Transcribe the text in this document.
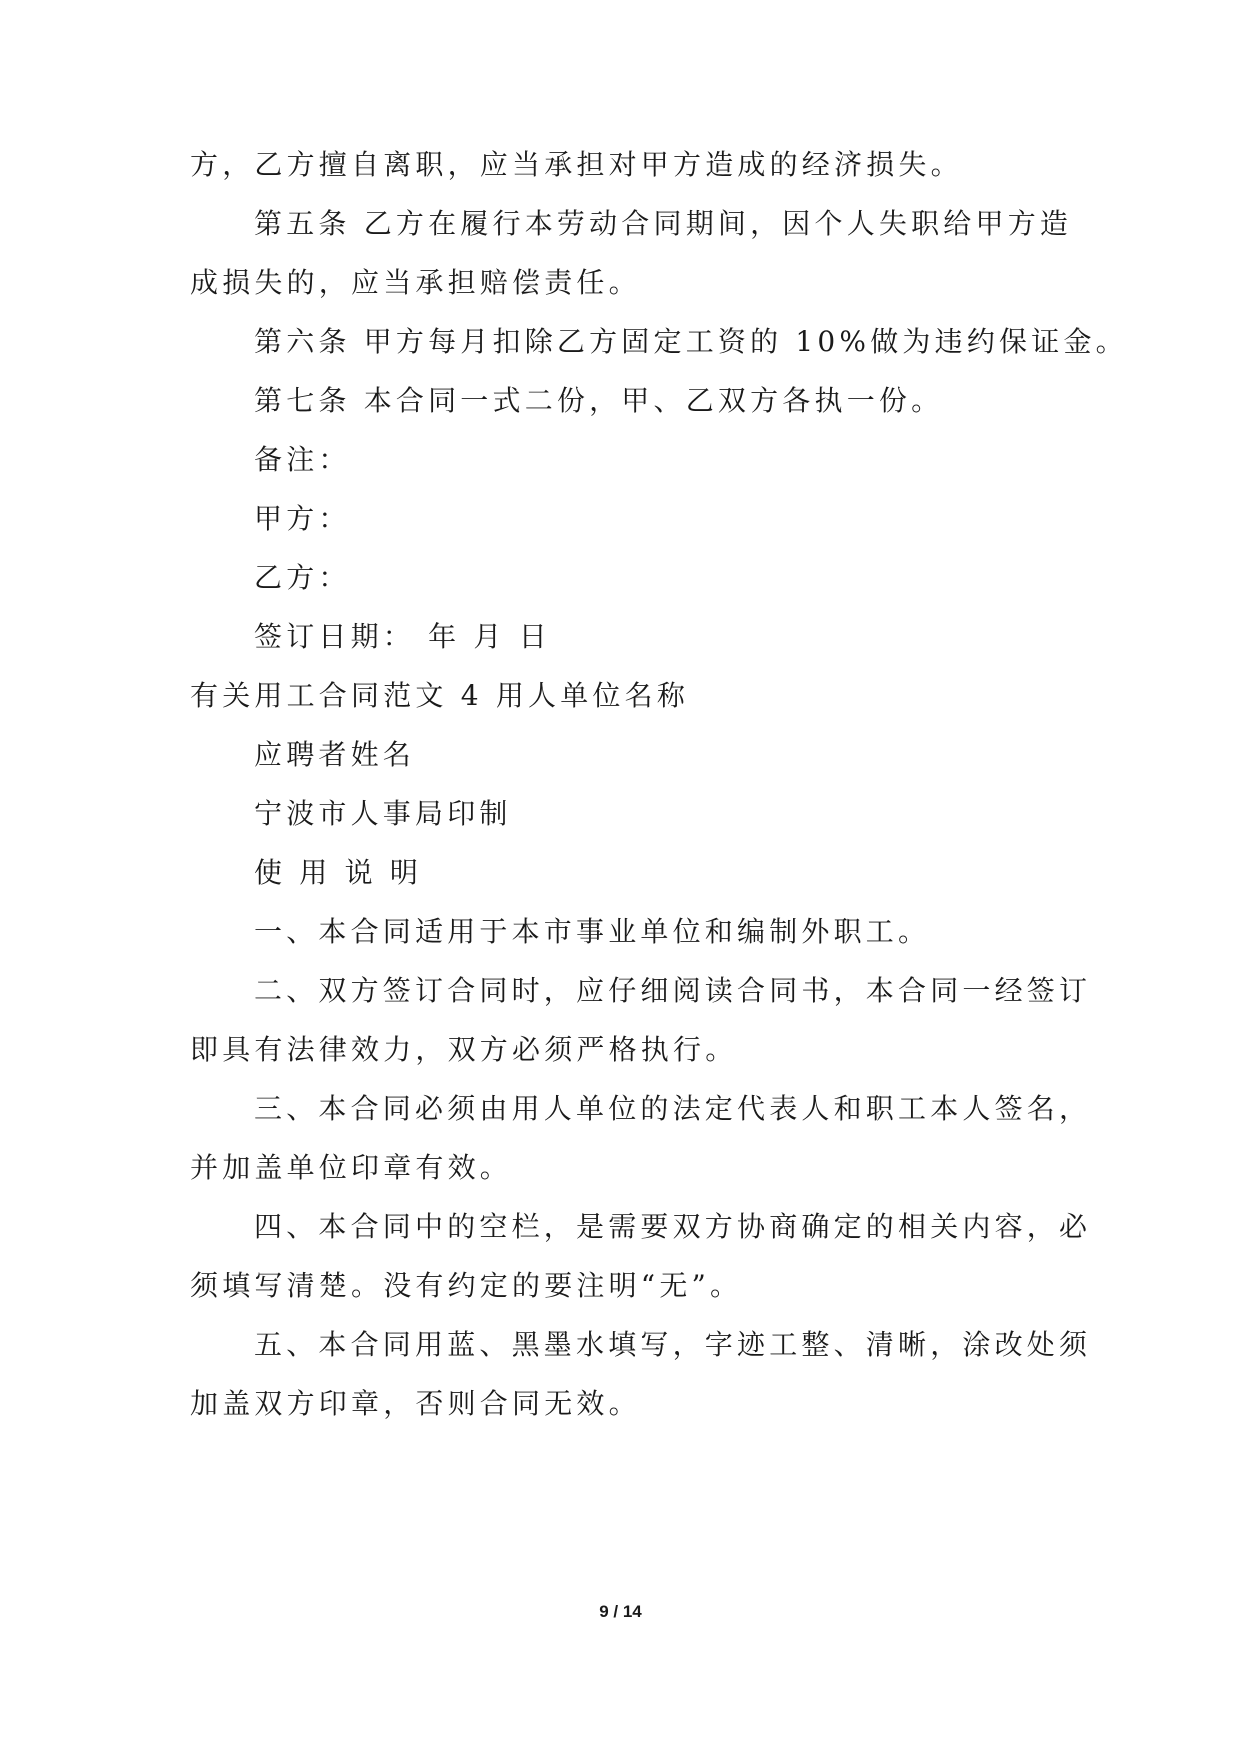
方，乙方擅自离职，应当承担对甲方造成的经济损失。
第五条 乙方在履行本劳动合同期间，因个人失职给甲方造
成损失的，应当承担赔偿责任。
第六条 甲方每月扣除乙方固定工资的 10%做为违约保证金。
第七条 本合同一式二份，甲、乙双方各执一份。
备注：
甲方：
乙方：
签订日期： 年 月 日
有关用工合同范文 4 用人单位名称
应聘者姓名
宁波市人事局印制
使 用 说 明
一、本合同适用于本市事业单位和编制外职工。
二、双方签订合同时，应仔细阅读合同书，本合同一经签订
即具有法律效力，双方必须严格执行。
三、本合同必须由用人单位的法定代表人和职工本人签名，
并加盖单位印章有效。
四、本合同中的空栏，是需要双方协商确定的相关内容，必
须填写清楚。没有约定的要注明“无”。
五、本合同用蓝、黑墨水填写，字迹工整、清晰，涂改处须
加盖双方印章，否则合同无效。
9 / 14
